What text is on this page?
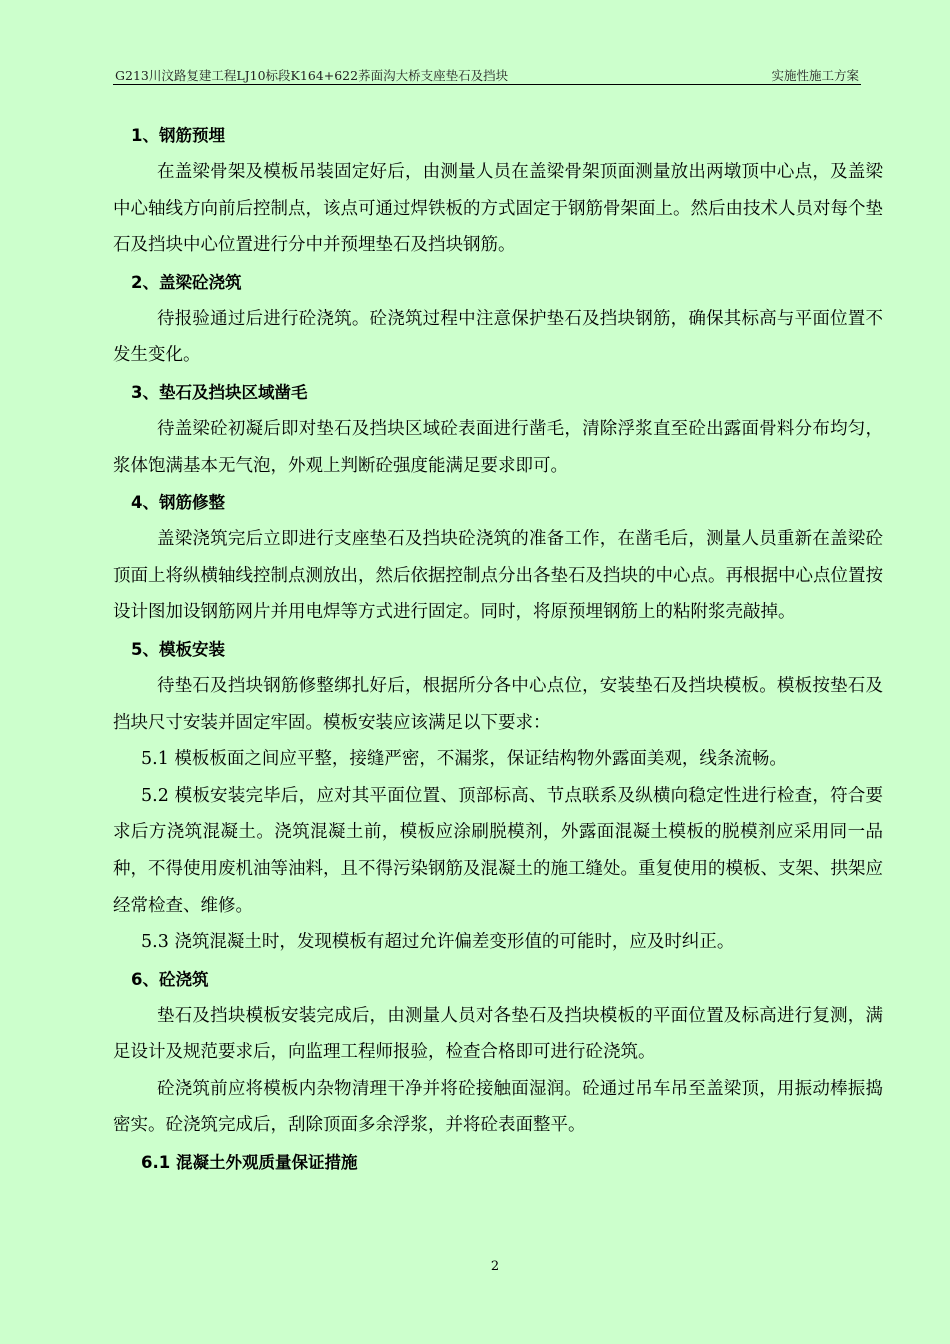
G213川汶路复建工程LJ10标段K164+622荞面沟大桥支座垫石及挡块	实施性施工方案
1、钢筋预埋

在盖梁骨架及模板吊装固定好后，由测量人员在盖梁骨架顶面测量放出两墩顶中心点，及盖梁中心轴线方向前后控制点，该点可通过焊铁板的方式固定于钢筋骨架面上。然后由技术人员对每个垫石及挡块中心位置进行分中并预埋垫石及挡块钢筋。

2、盖梁砼浇筑

待报验通过后进行砼浇筑。砼浇筑过程中注意保护垫石及挡块钢筋，确保其标高与平面位置不发生变化。

3、垫石及挡块区域凿毛

待盖梁砼初凝后即对垫石及挡块区域砼表面进行凿毛，清除浮浆直至砼出露面骨料分布均匀，浆体饱满基本无气泡，外观上判断砼强度能满足要求即可。

4、钢筋修整

盖梁浇筑完后立即进行支座垫石及挡块砼浇筑的准备工作，在凿毛后，测量人员重新在盖梁砼顶面上将纵横轴线控制点测放出，然后依据控制点分出各垫石及挡块的中心点。再根据中心点位置按设计图加设钢筋网片并用电焊等方式进行固定。同时，将原预埋钢筋上的粘附浆壳敲掉。

5、模板安装

待垫石及挡块钢筋修整绑扎好后，根据所分各中心点位，安装垫石及挡块模板。模板按垫石及挡块尺寸安装并固定牢固。模板安装应该满足以下要求：

5.1 模板板面之间应平整，接缝严密，不漏浆，保证结构物外露面美观，线条流畅。

5.2 模板安装完毕后，应对其平面位置、顶部标高、节点联系及纵横向稳定性进行检查，符合要求后方浇筑混凝土。浇筑混凝土前，模板应涂刷脱模剂，外露面混凝土模板的脱模剂应采用同一品种，不得使用废机油等油料，且不得污染钢筋及混凝土的施工缝处。重复使用的模板、支架、拱架应经常检查、维修。

5.3 浇筑混凝土时，发现模板有超过允许偏差变形值的可能时，应及时纠正。

6、砼浇筑

垫石及挡块模板安装完成后，由测量人员对各垫石及挡块模板的平面位置及标高进行复测，满足设计及规范要求后，向监理工程师报验，检查合格即可进行砼浇筑。

砼浇筑前应将模板内杂物清理干净并将砼接触面湿润。砼通过吊车吊至盖梁顶，用振动棒振捣密实。砼浇筑完成后，刮除顶面多余浮浆，并将砼表面整平。

6.1 混凝土外观质量保证措施
2
